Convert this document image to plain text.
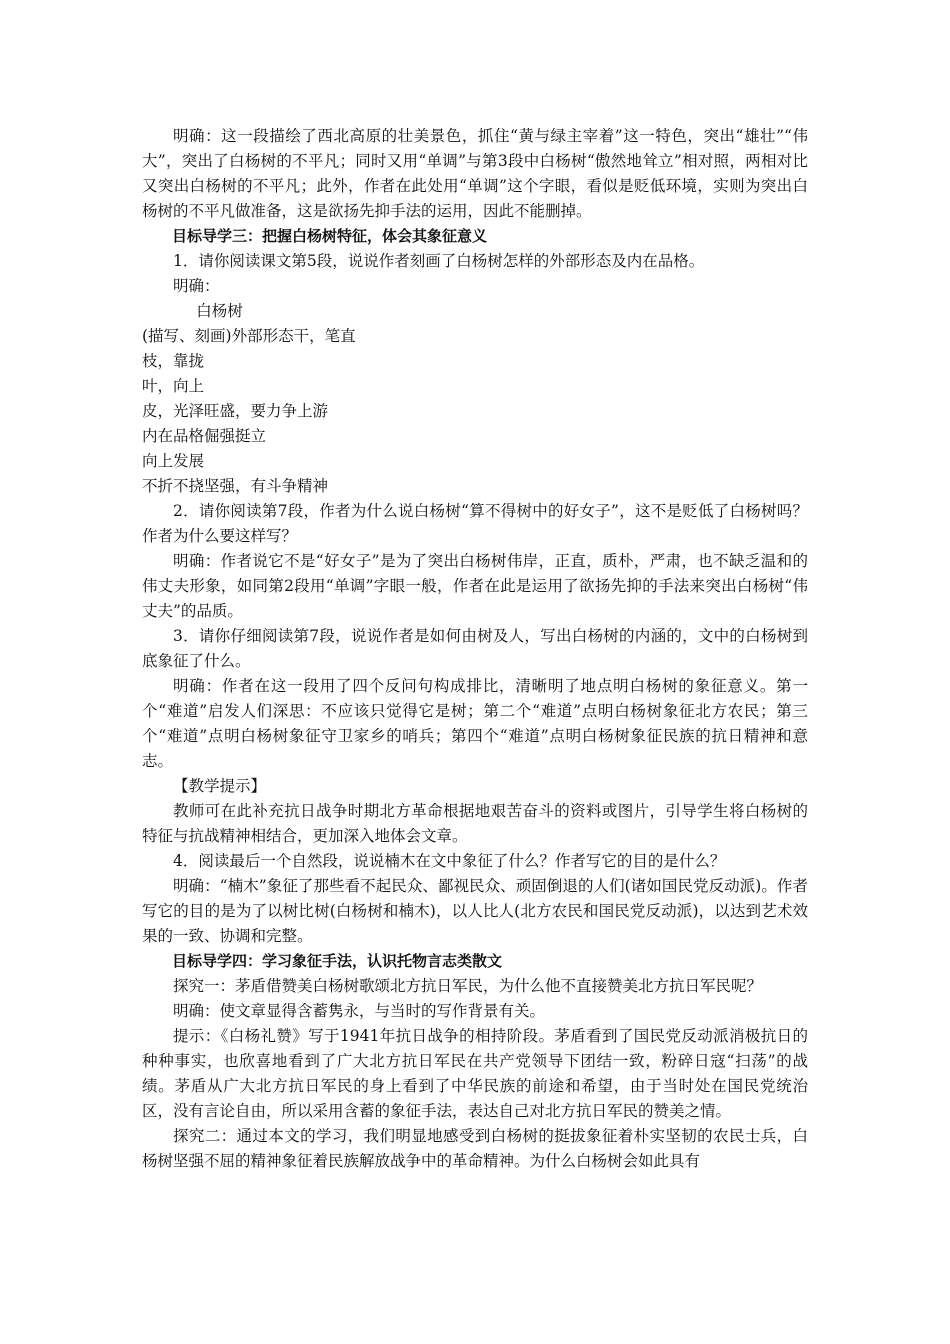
明确：这一段描绘了西北高原的壮美景色，抓住“黄与绿主宰着”这一特色，突出“雄壮”“伟大”，突出了白杨树的不平凡；同时又用“单调”与第3段中白杨树“傲然地耸立”相对照，两相对比又突出白杨树的不平凡；此外，作者在此处用“单调”这个字眼，看似是贬低环境，实则为突出白杨树的不平凡做准备，这是欲扬先抑手法的运用，因此不能删掉。

目标导学三：把握白杨树特征，体会其象征意义

1．请你阅读课文第5段，说说作者刻画了白杨树怎样的外部形态及内在品格。

明确：

白杨树

(描写、刻画)外部形态干，笔直

枝，靠拢

叶，向上

皮，光泽旺盛，要力争上游

内在品格倔强挺立

向上发展

不折不挠坚强，有斗争精神

2．请你阅读第7段，作者为什么说白杨树“算不得树中的好女子”，这不是贬低了白杨树吗？作者为什么要这样写？

明确：作者说它不是“好女子”是为了突出白杨树伟岸，正直，质朴，严肃，也不缺乏温和的伟丈夫形象，如同第2段用“单调”字眼一般，作者在此是运用了欲扬先抑的手法来突出白杨树“伟丈夫”的品质。

3．请你仔细阅读第7段，说说作者是如何由树及人，写出白杨树的内涵的，文中的白杨树到底象征了什么。

明确：作者在这一段用了四个反问句构成排比，清晰明了地点明白杨树的象征意义。第一个“难道”启发人们深思：不应该只觉得它是树；第二个“难道”点明白杨树象征北方农民；第三个“难道”点明白杨树象征守卫家乡的哨兵；第四个“难道”点明白杨树象征民族的抗日精神和意志。

【教学提示】

教师可在此补充抗日战争时期北方革命根据地艰苦奋斗的资料或图片，引导学生将白杨树的特征与抗战精神相结合，更加深入地体会文章。

4．阅读最后一个自然段，说说楠木在文中象征了什么？作者写它的目的是什么？

明确：“楠木”象征了那些看不起民众、鄙视民众、顽固倒退的人们(诸如国民党反动派)。作者写它的目的是为了以树比树(白杨树和楠木)，以人比人(北方农民和国民党反动派)，以达到艺术效果的一致、协调和完整。

目标导学四：学习象征手法，认识托物言志类散文

探究一：茅盾借赞美白杨树歌颂北方抗日军民，为什么他不直接赞美北方抗日军民呢？

明确：使文章显得含蓄隽永，与当时的写作背景有关。

提示：《白杨礼赞》写于1941年抗日战争的相持阶段。茅盾看到了国民党反动派消极抗日的种种事实，也欣喜地看到了广大北方抗日军民在共产党领导下团结一致，粉碎日寇“扫荡”的战绩。茅盾从广大北方抗日军民的身上看到了中华民族的前途和希望，由于当时处在国民党统治区，没有言论自由，所以采用含蓄的象征手法，表达自己对北方抗日军民的赞美之情。

探究二：通过本文的学习，我们明显地感受到白杨树的挺拔象征着朴实坚韧的农民士兵，白杨树坚强不屈的精神象征着民族解放战争中的革命精神。为什么白杨树会如此具有
